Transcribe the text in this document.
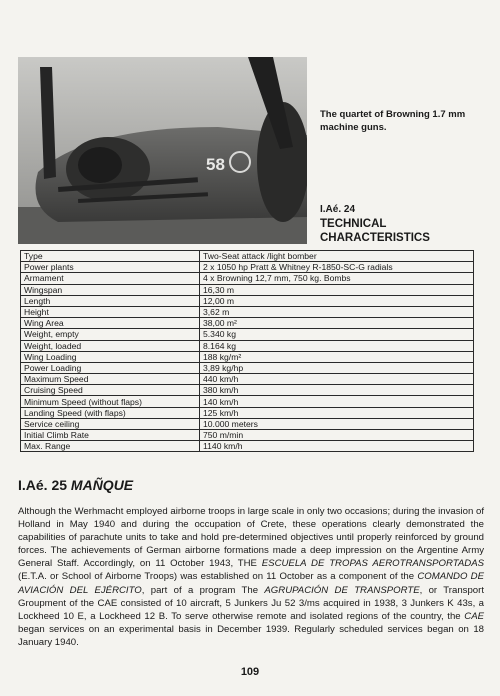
58
The quartet of Browning 1.7 mm machine guns.
I.Aé. 24
TECHNICAL CHARACTERISTICS
Type	Two-Seat attack /light bomber
Power plants	2 x 1050 hp Pratt & Whitney R-1850-SC-G radials
Armament	4 x Browning 12,7 mm, 750 kg. Bombs
Wingspan	16,30 m
Length	12,00 m
Height	3,62 m
Wing Area	38,00 m²
Weight, empty	5.340 kg
Weight, loaded	8.164 kg
Wing Loading	188 kg/m²
Power Loading	3,89 kg/hp
Maximum Speed	440 km/h
Cruising Speed	380 km/h
Minimum Speed (without flaps)	140 km/h
Landing Speed (with flaps)	125 km/h
Service ceiling	10.000 meters
Initial Climb Rate	750 m/min
Max. Range	1140 km/h
I.Aé. 25 MAÑQUE
Although the Werhmacht employed airborne troops in large scale in only two occasions; during the invasion of Holland in May 1940 and during the occupation of Crete, these operations clearly demonstrated the capabilities of parachute units to take and hold pre-determined objectives until properly reinforced by ground forces. The achievements of German airborne formations made a deep impression on the Argentine Army General Staff. Accordingly, on 11 October 1943, THE ESCUELA DE TROPAS AEROTRANSPORTADAS (E.T.A. or School of Airborne Troops) was established on 11 October as a component of the COMANDO DE AVIACIÓN DEL EJÉRCITO, part of a program The AGRUPACIÓN DE TRANSPORTE, or Transport Groupment of the CAE consisted of 10 aircraft, 5 Junkers Ju 52 3/ms acquired in 1938, 3 Junkers K 43s, a Lockheed 10 E, a Lockheed 12 B. To serve otherwise remote and isolated regions of the country, the CAE began services on an experimental basis in December 1939. Regularly scheduled services began on 18 January 1940.
109
